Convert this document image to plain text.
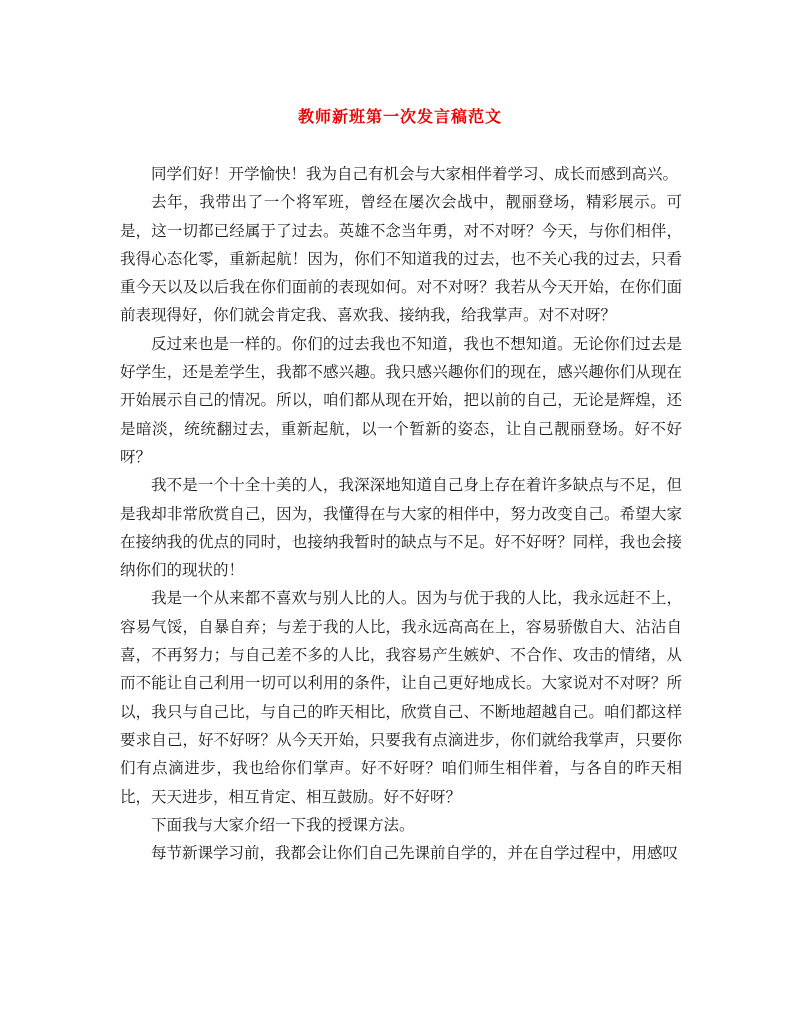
教师新班第一次发言稿范文

同学们好！开学愉快！我为自己有机会与大家相伴着学习、成长而感到高兴。

去年，我带出了一个将军班，曾经在屡次会战中，靓丽登场，精彩展示。可是，这一切都已经属于了过去。英雄不念当年勇，对不对呀？今天，与你们相伴，我得心态化零，重新起航！因为，你们不知道我的过去，也不关心我的过去，只看重今天以及以后我在你们面前的表现如何。对不对呀？我若从今天开始，在你们面前表现得好，你们就会肯定我、喜欢我、接纳我，给我掌声。对不对呀？

反过来也是一样的。你们的过去我也不知道，我也不想知道。无论你们过去是好学生，还是差学生，我都不感兴趣。我只感兴趣你们的现在，感兴趣你们从现在开始展示自己的情况。所以，咱们都从现在开始，把以前的自己，无论是辉煌，还是暗淡，统统翻过去，重新起航，以一个暂新的姿态，让自己靓丽登场。好不好呀？

我不是一个十全十美的人，我深深地知道自己身上存在着许多缺点与不足，但是我却非常欣赏自己，因为，我懂得在与大家的相伴中，努力改变自己。希望大家在接纳我的优点的同时，也接纳我暂时的缺点与不足。好不好呀？同样，我也会接纳你们的现状的！

我是一个从来都不喜欢与别人比的人。因为与优于我的人比，我永远赶不上，容易气馁，自暴自弃；与差于我的人比，我永远高高在上，容易骄傲自大、沾沾自喜，不再努力；与自己差不多的人比，我容易产生嫉妒、不合作、攻击的情绪，从而不能让自己利用一切可以利用的条件，让自己更好地成长。大家说对不对呀？所以，我只与自己比，与自己的昨天相比，欣赏自己、不断地超越自己。咱们都这样要求自己，好不好呀？从今天开始，只要我有点滴进步，你们就给我掌声，只要你们有点滴进步，我也给你们掌声。好不好呀？咱们师生相伴着，与各自的昨天相比，天天进步，相互肯定、相互鼓励。好不好呀？

下面我与大家介绍一下我的授课方法。

每节新课学习前，我都会让你们自己先课前自学的，并在自学过程中，用感叹
